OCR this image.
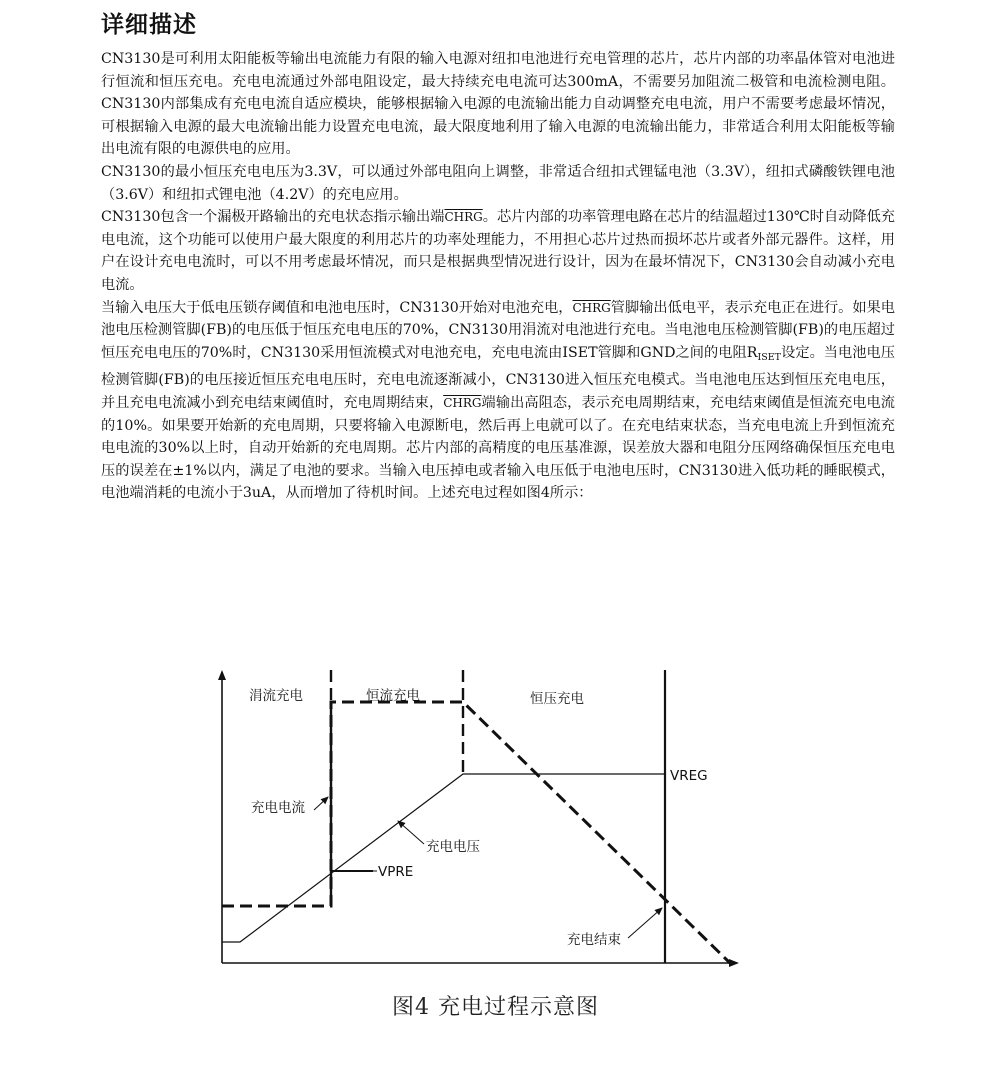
详细描述

CN3130是可利用太阳能板等输出电流能力有限的输入电源对纽扣电池进行充电管理的芯片，芯片内部的功率晶体管对电池进行恒流和恒压充电。充电电流通过外部电阻设定，最大持续充电电流可达300mA，不需要另加阻流二极管和电流检测电阻。CN3130内部集成有充电电流自适应模块，能够根据输入电源的电流输出能力自动调整充电电流，用户不需要考虑最坏情况，可根据输入电源的最大电流输出能力设置充电电流，最大限度地利用了输入电源的电流输出能力，非常适合利用太阳能板等输出电流有限的电源供电的应用。

CN3130的最小恒压充电电压为3.3V，可以通过外部电阻向上调整，非常适合纽扣式锂锰电池（3.3V），纽扣式磷酸铁锂电池（3.6V）和纽扣式锂电池（4.2V）的充电应用。

CN3130包含一个漏极开路输出的充电状态指示输出端CHRG。芯片内部的功率管理电路在芯片的结温超过130℃时自动降低充电电流，这个功能可以使用户最大限度的利用芯片的功率处理能力，不用担心芯片过热而损坏芯片或者外部元器件。这样，用户在设计充电电流时，可以不用考虑最坏情况，而只是根据典型情况进行设计，因为在最坏情况下，CN3130会自动减小充电电流。

当输入电压大于低电压锁存阈值和电池电压时，CN3130开始对电池充电，CHRG管脚输出低电平，表示充电正在进行。如果电池电压检测管脚(FB)的电压低于恒压充电电压的70%，CN3130用涓流对电池进行充电。当电池电压检测管脚(FB)的电压超过恒压充电电压的70%时，CN3130采用恒流模式对电池充电，充电电流由ISET管脚和GND之间的电阻$R_{ISET}$设定。当电池电压检测管脚(FB)的电压接近恒压充电电压时，充电电流逐渐减小，CN3130进入恒压充电模式。当电池电压达到恒压充电电压，并且充电电流减小到充电结束阈值时，充电周期结束，CHRG端输出高阻态，表示充电周期结束，充电结束阈值是恒流充电电流的10%。如果要开始新的充电周期，只要将输入电源断电，然后再上电就可以了。在充电结束状态，当充电电流上升到恒流充电电流的30%以上时，自动开始新的充电周期。芯片内部的高精度的电压基准源，误差放大器和电阻分压网络确保恒压充电电压的误差在±1%以内，满足了电池的要求。当输入电压掉电或者输入电压低于电池电压时，CN3130进入低功耗的睡眠模式，电池端消耗的电流小于3uA，从而增加了待机时间。上述充电过程如图4所示：

VPRE
VREG
涓流充电	恒流充电	恒压充电
充电电流
充电电压
充电结束
图4 充电过程示意图
